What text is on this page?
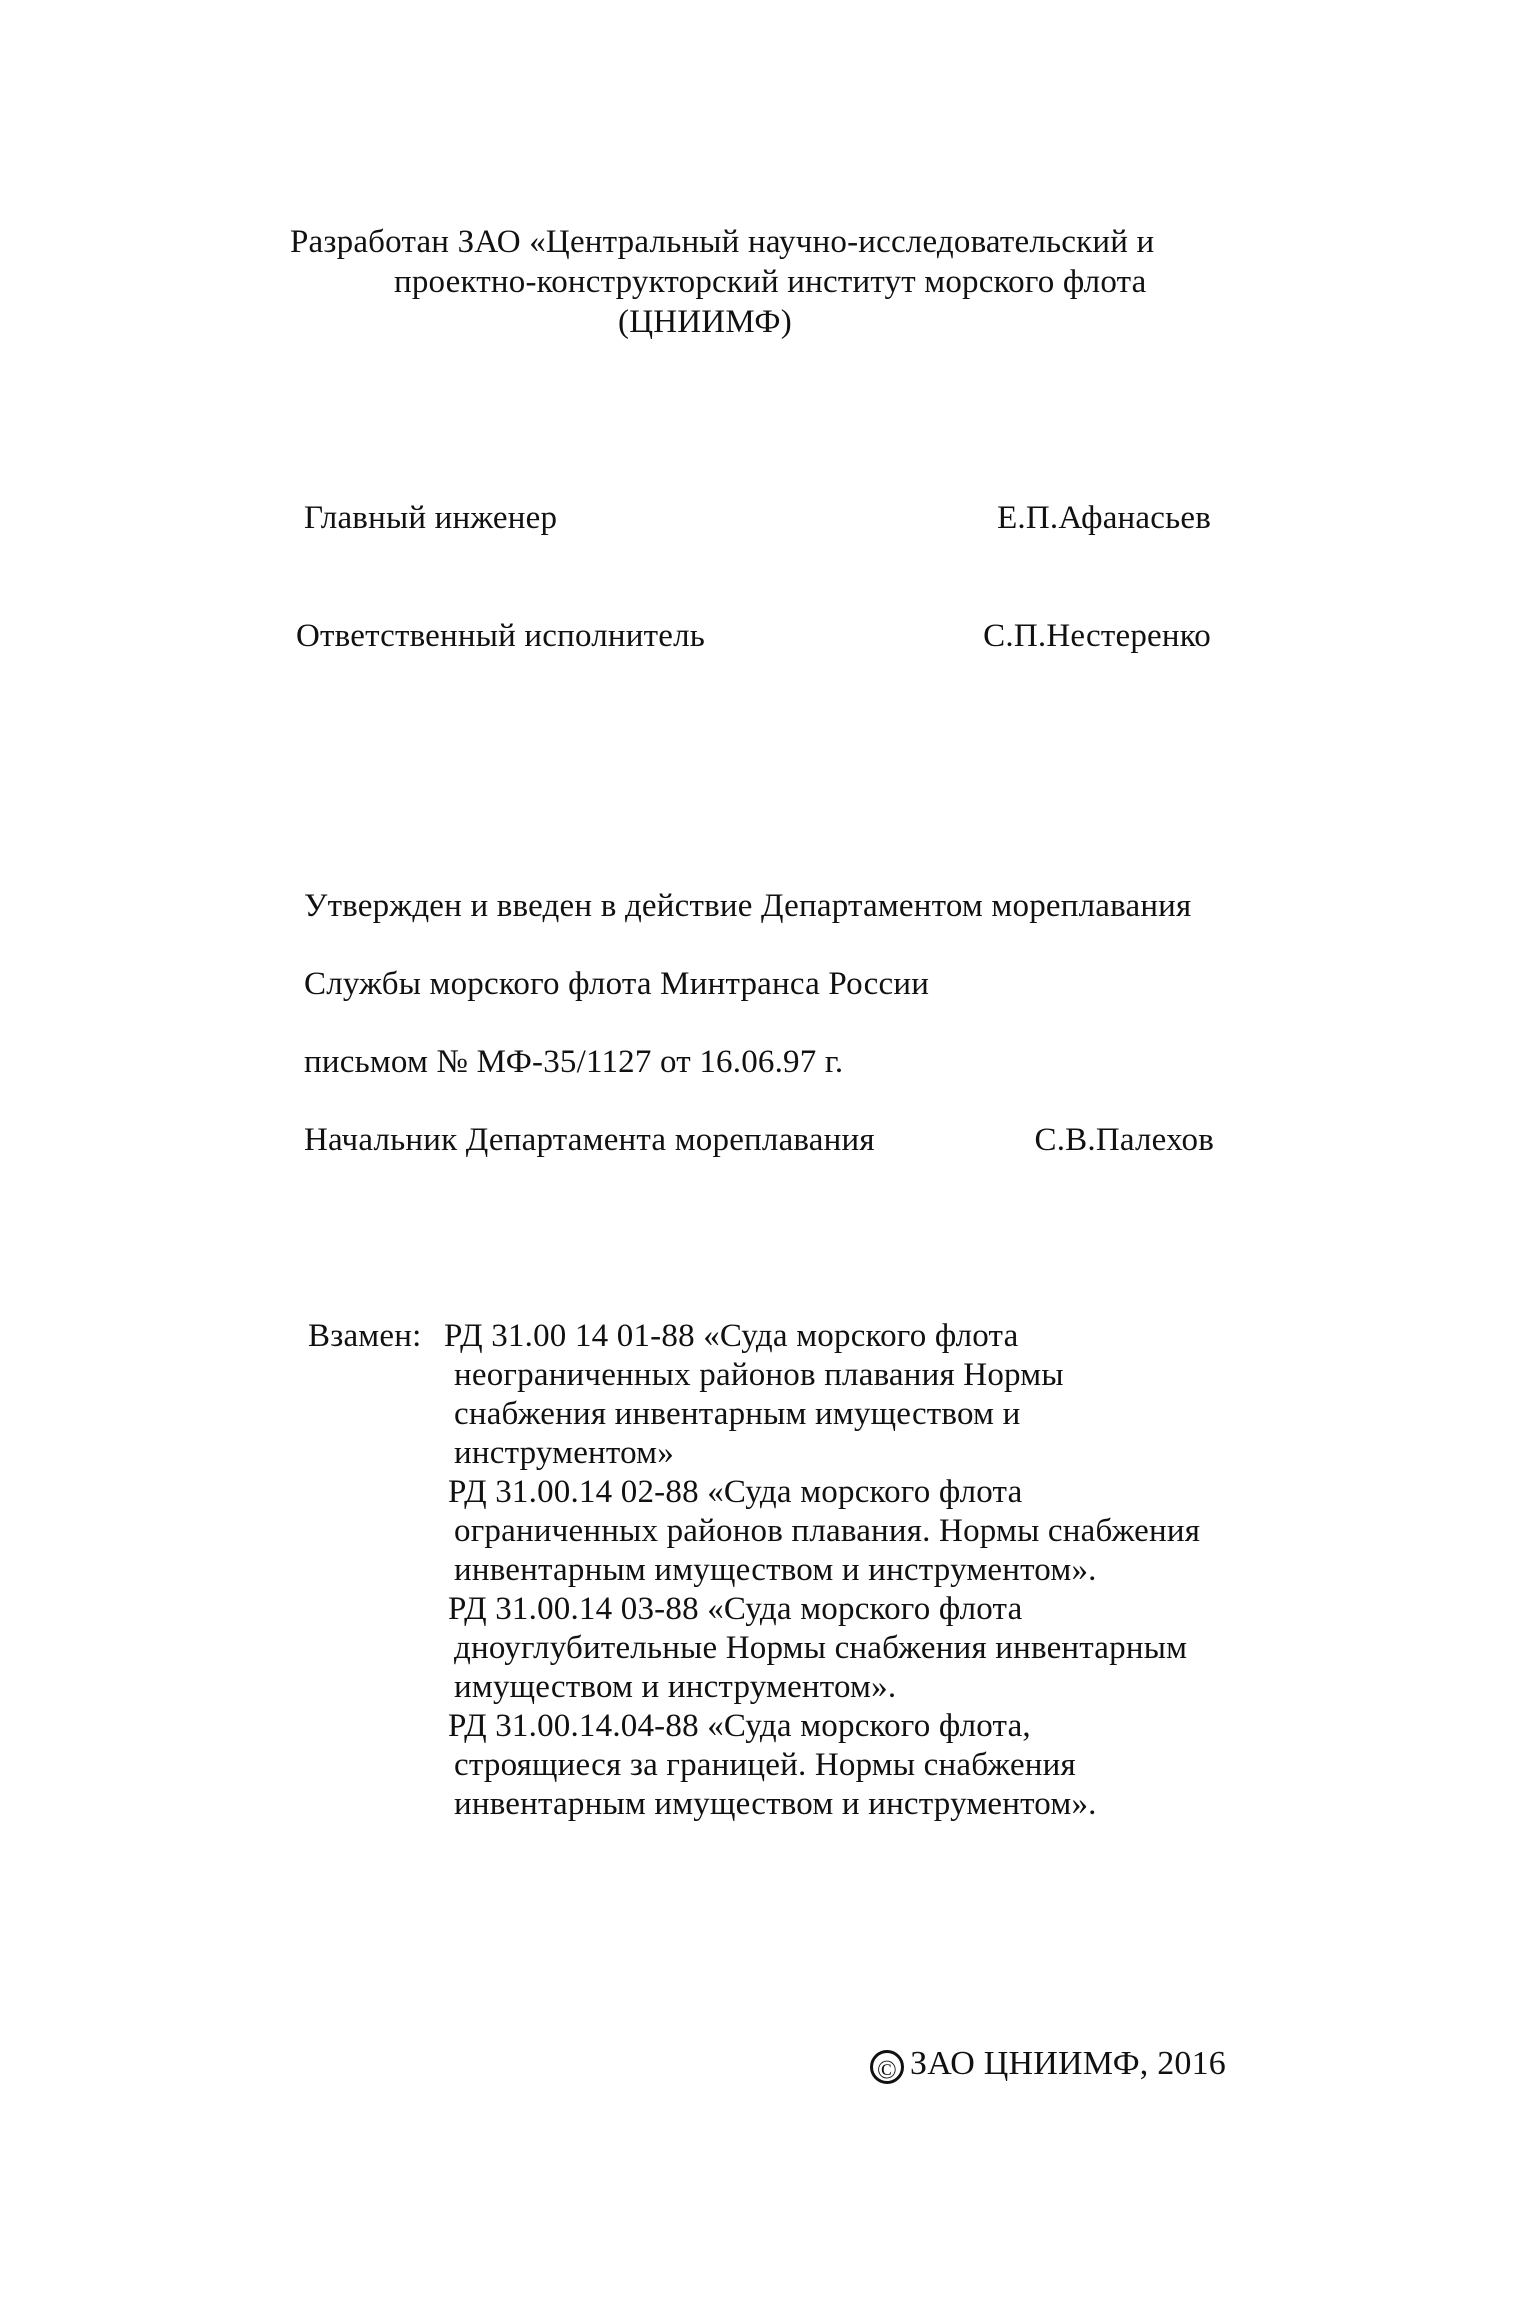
Разработан ЗАО «Центральный научно-исследовательский и
проектно-конструкторский институт морского флота
(ЦНИИМФ)
Главный инженер	Е.П.Афанасьев
Ответственный исполнитель	С.П.Нестеренко
Утвержден и введен в действие Департаментом мореплавания
Службы морского флота Минтранса России
письмом № МФ-35/1127 от 16.06.97 г.
Начальник Департамента мореплавания	С.В.Палехов
Взамен: РД 31.00 14 01-88 «Суда морского флота
неограниченных районов плавания Нормы
снабжения инвентарным имуществом и
инструментом»
РД 31.00.14 02-88 «Суда морского флота
ограниченных районов плавания. Нормы снабжения
инвентарным имуществом и инструментом».
РД 31.00.14 03-88 «Суда морского флота
дноуглубительные Нормы снабжения инвентарным
имуществом и инструментом».
РД 31.00.14.04-88 «Суда морского флота,
строящиеся за границей. Нормы снабжения
инвентарным имуществом и инструментом».
© ЗАО ЦНИИМФ, 2016
